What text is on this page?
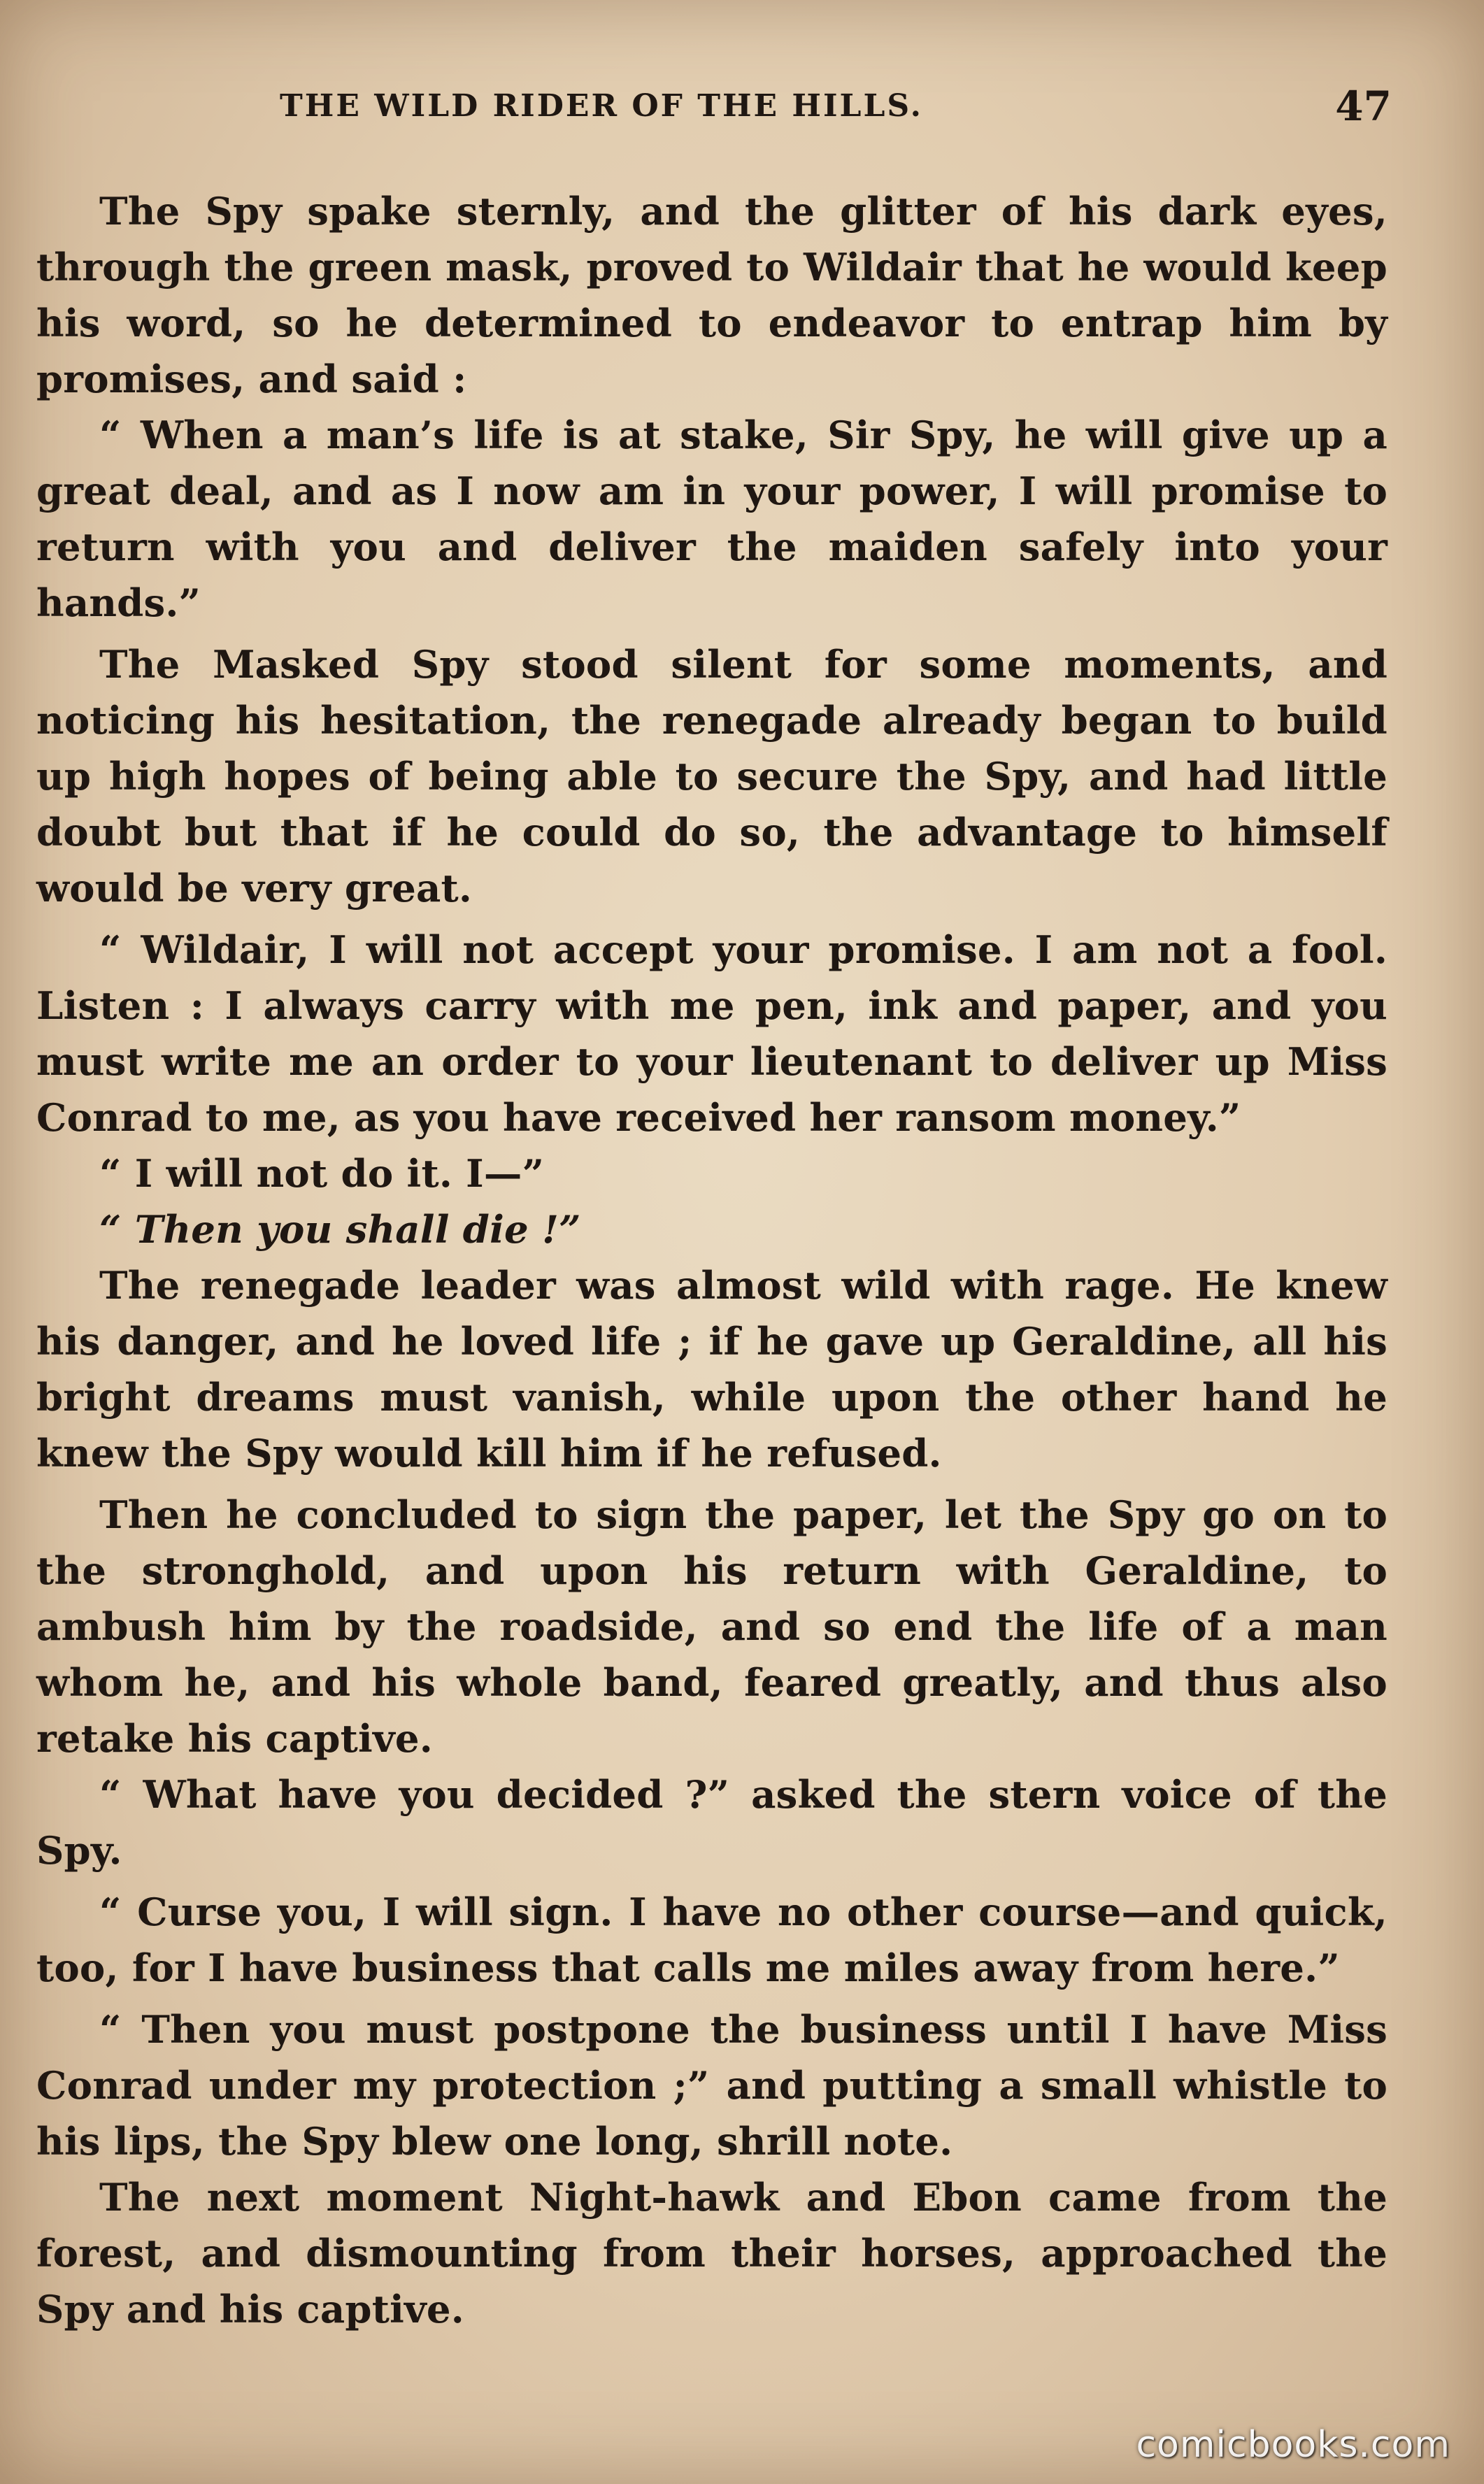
THE WILD RIDER OF THE HILLS.	47

The Spy spake sternly, and the glitter of his dark eyes, through the green mask, proved to Wildair that he would keep his word, so he determined to endeavor to entrap him by promises, and said :

“ When a man’s life is at stake, Sir Spy, he will give up a great deal, and as I now am in your power, I will promise to return with you and deliver the maiden safely into your hands.”

The Masked Spy stood silent for some moments, and noticing his hesitation, the renegade already began to build up high hopes of being able to secure the Spy, and had little doubt but that if he could do so, the advantage to himself would be very great.

“ Wildair, I will not accept your promise. I am not a fool. Listen : I always carry with me pen, ink and paper, and you must write me an order to your lieutenant to deliver up Miss Conrad to me, as you have received her ransom money.”

“ I will not do it. I—”

“ Then you shall die !”

The renegade leader was almost wild with rage. He knew his danger, and he loved life ; if he gave up Geraldine, all his bright dreams must vanish, while upon the other hand he knew the Spy would kill him if he refused.

Then he concluded to sign the paper, let the Spy go on to the stronghold, and upon his return with Geraldine, to ambush him by the roadside, and so end the life of a man whom he, and his whole band, feared greatly, and thus also retake his captive.

“ What have you decided ?” asked the stern voice of the Spy.

“ Curse you, I will sign. I have no other course—and quick, too, for I have business that calls me miles away from here.”

“ Then you must postpone the business until I have Miss Conrad under my protection ;” and putting a small whistle to his lips, the Spy blew one long, shrill note.

The next moment Night-hawk and Ebon came from the forest, and dismounting from their horses, approached the Spy and his captive.

comicbooks.com
